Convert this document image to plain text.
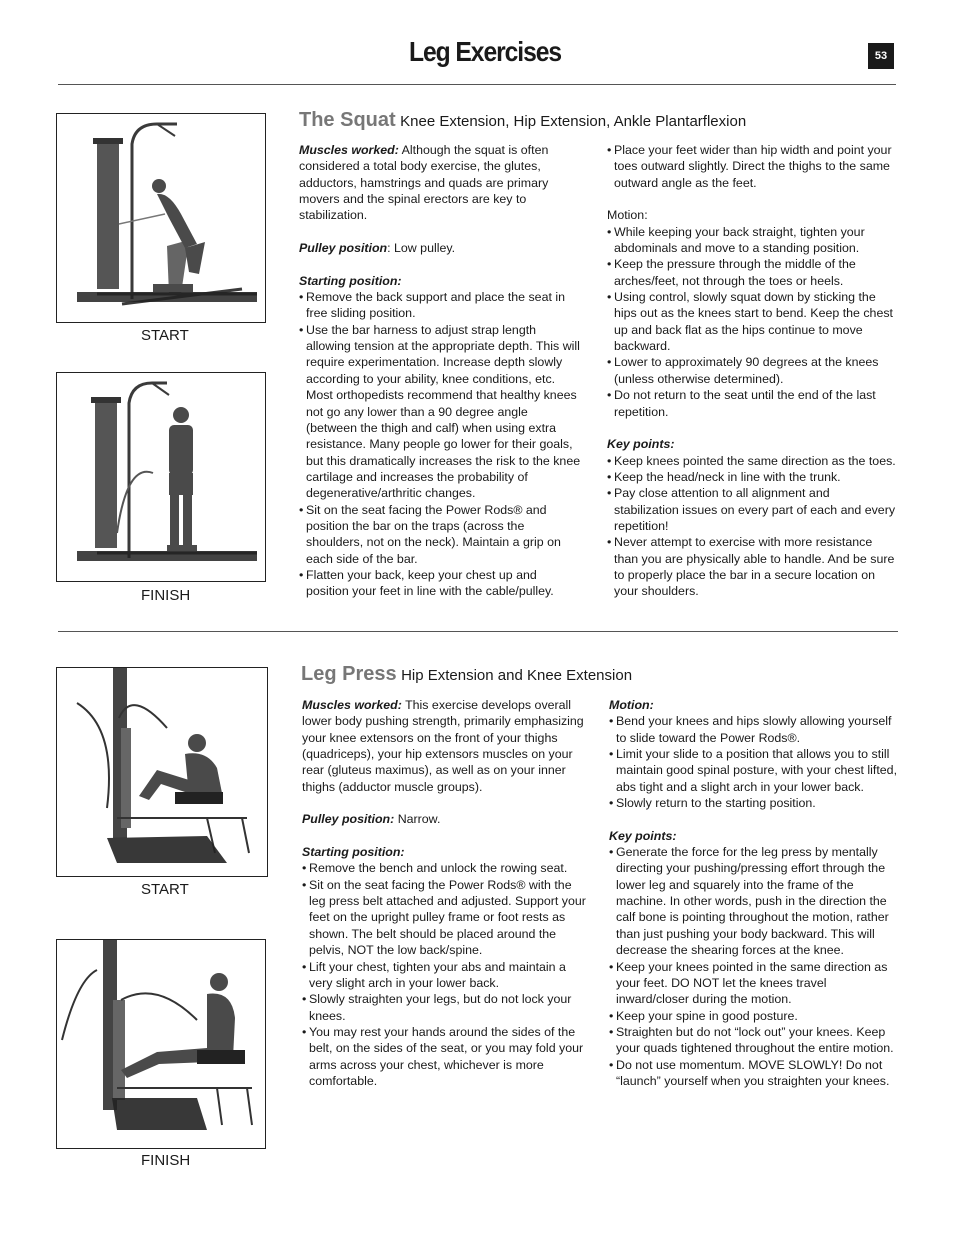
Leg Exercises	53
START
FINISH
The Squat Knee Extension, Hip Extension, Ankle Plantarflexion

Muscles worked: Although the squat is often considered a total body exercise, the glutes, adductors, hamstrings and quads are primary movers and the spinal erectors are key to stabilization.

Pulley position: Low pulley.

Starting position:

• Remove the back support and place the seat in free sliding position.
• Use the bar harness to adjust strap length allowing tension at the appropriate depth. This will require experimentation. Increase depth slowly according to your ability, knee conditions, etc. Most orthopedists recommend that healthy knees not go any lower than a 90 degree angle (between the thigh and calf) when using extra resistance. Many people go lower for their goals, but this dramatically increases the risk to the knee cartilage and increases the probability of degenerative/arthritic changes.
• Sit on the seat facing the Power Rods® and position the bar on the traps (across the shoulders, not on the neck). Maintain a grip on each side of the bar.
• Flatten your back, keep your chest up and position your feet in line with the cable/pulley.
• Place your feet wider than hip width and point your toes outward slightly. Direct the thighs to the same outward angle as the feet.

Motion:

• While keeping your back straight, tighten your abdominals and move to a standing position.
• Keep the pressure through the middle of the arches/feet, not through the toes or heels.
• Using control, slowly squat down by sticking the hips out as the knees start to bend. Keep the chest up and back flat as the hips continue to move backward.
• Lower to approximately 90 degrees at the knees (unless otherwise determined).
• Do not return to the seat until the end of the last repetition.

Key points:

• Keep knees pointed the same direction as the toes.
• Keep the head/neck in line with the trunk.
• Pay close attention to all alignment and stabilization issues on every part of each and every repetition!
• Never attempt to exercise with more resistance than you are physically able to handle. And be sure to properly place the bar in a secure location on your shoulders.
START
FINISH
Leg Press Hip Extension and Knee Extension

Muscles worked: This exercise develops overall lower body pushing strength, primarily emphasizing your knee extensors on the front of your thighs (quadriceps), your hip extensors muscles on your rear (gluteus maximus), as well as on your inner thighs (adductor muscle groups).

Pulley position: Narrow.

Starting position:

• Remove the bench and unlock the rowing seat.
• Sit on the seat facing the Power Rods® with the leg press belt attached and adjusted. Support your feet on the upright pulley frame or foot rests as shown. The belt should be placed around the pelvis, NOT the low back/spine.
• Lift your chest, tighten your abs and maintain a very slight arch in your lower back.
• Slowly straighten your legs, but do not lock your knees.
• You may rest your hands around the sides of the belt, on the sides of the seat, or you may fold your arms across your chest, whichever is more comfortable.

Motion:

• Bend your knees and hips slowly allowing yourself to slide toward the Power Rods®.
• Limit your slide to a position that allows you to still maintain good spinal posture, with your chest lifted, abs tight and a slight arch in your lower back.
• Slowly return to the starting position.

Key points:

• Generate the force for the leg press by mentally directing your pushing/pressing effort through the lower leg and squarely into the frame of the machine. In other words, push in the direction the calf bone is pointing throughout the motion, rather than just pushing your body backward. This will decrease the shearing forces at the knee.
• Keep your knees pointed in the same direction as your feet. DO NOT let the knees travel inward/closer during the motion.
• Keep your spine in good posture.
• Straighten but do not “lock out” your knees. Keep your quads tightened throughout the entire motion.
• Do not use momentum. MOVE SLOWLY! Do not “launch” yourself when you straighten your knees.
